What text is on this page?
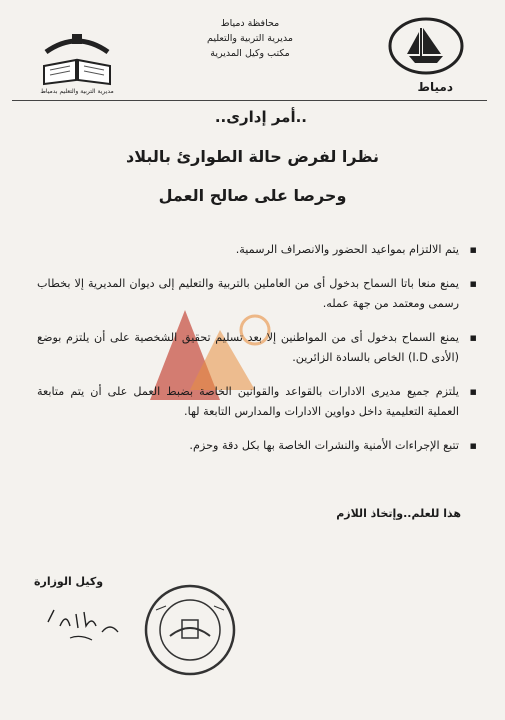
دمياط
محافظة دمياط
مديرية التربية والتعليم
مكتب وكيل المديرية
مديرية التربية والتعليم بدمياط
..أمر إدارى..
نظرا لفرض حالة الطوارئ بالبلاد
وحرصا على صالح العمل
▪ يتم الالتزام بمواعيد الحضور والانصراف الرسمية.
▪ يمنع منعا باتا السماح بدخول أى من العاملين بالتربية والتعليم إلى ديوان المديرية إلا بخطاب رسمى ومعتمد من جهة عمله.
▪ يمنع السماح بدخول أى من المواطنين إلا بعد تسليم تحقيق الشخصية على أن يلتزم بوضع (الأدى I.D) الخاص بالسادة الزائرين.
▪ يلتزم جميع مديرى الادارات بالقواعد والقوانين الخاصة بضبط العمل على أن يتم متابعة العملية التعليمية داخل دواوين الادارات والمدارس التابعة لها.
▪ تتبع الإجراءات الأمنية والنشرات الخاصة بها بكل دقة وحزم.
هذا للعلم..وإتخاذ اللازم
وكيل الوزارة
